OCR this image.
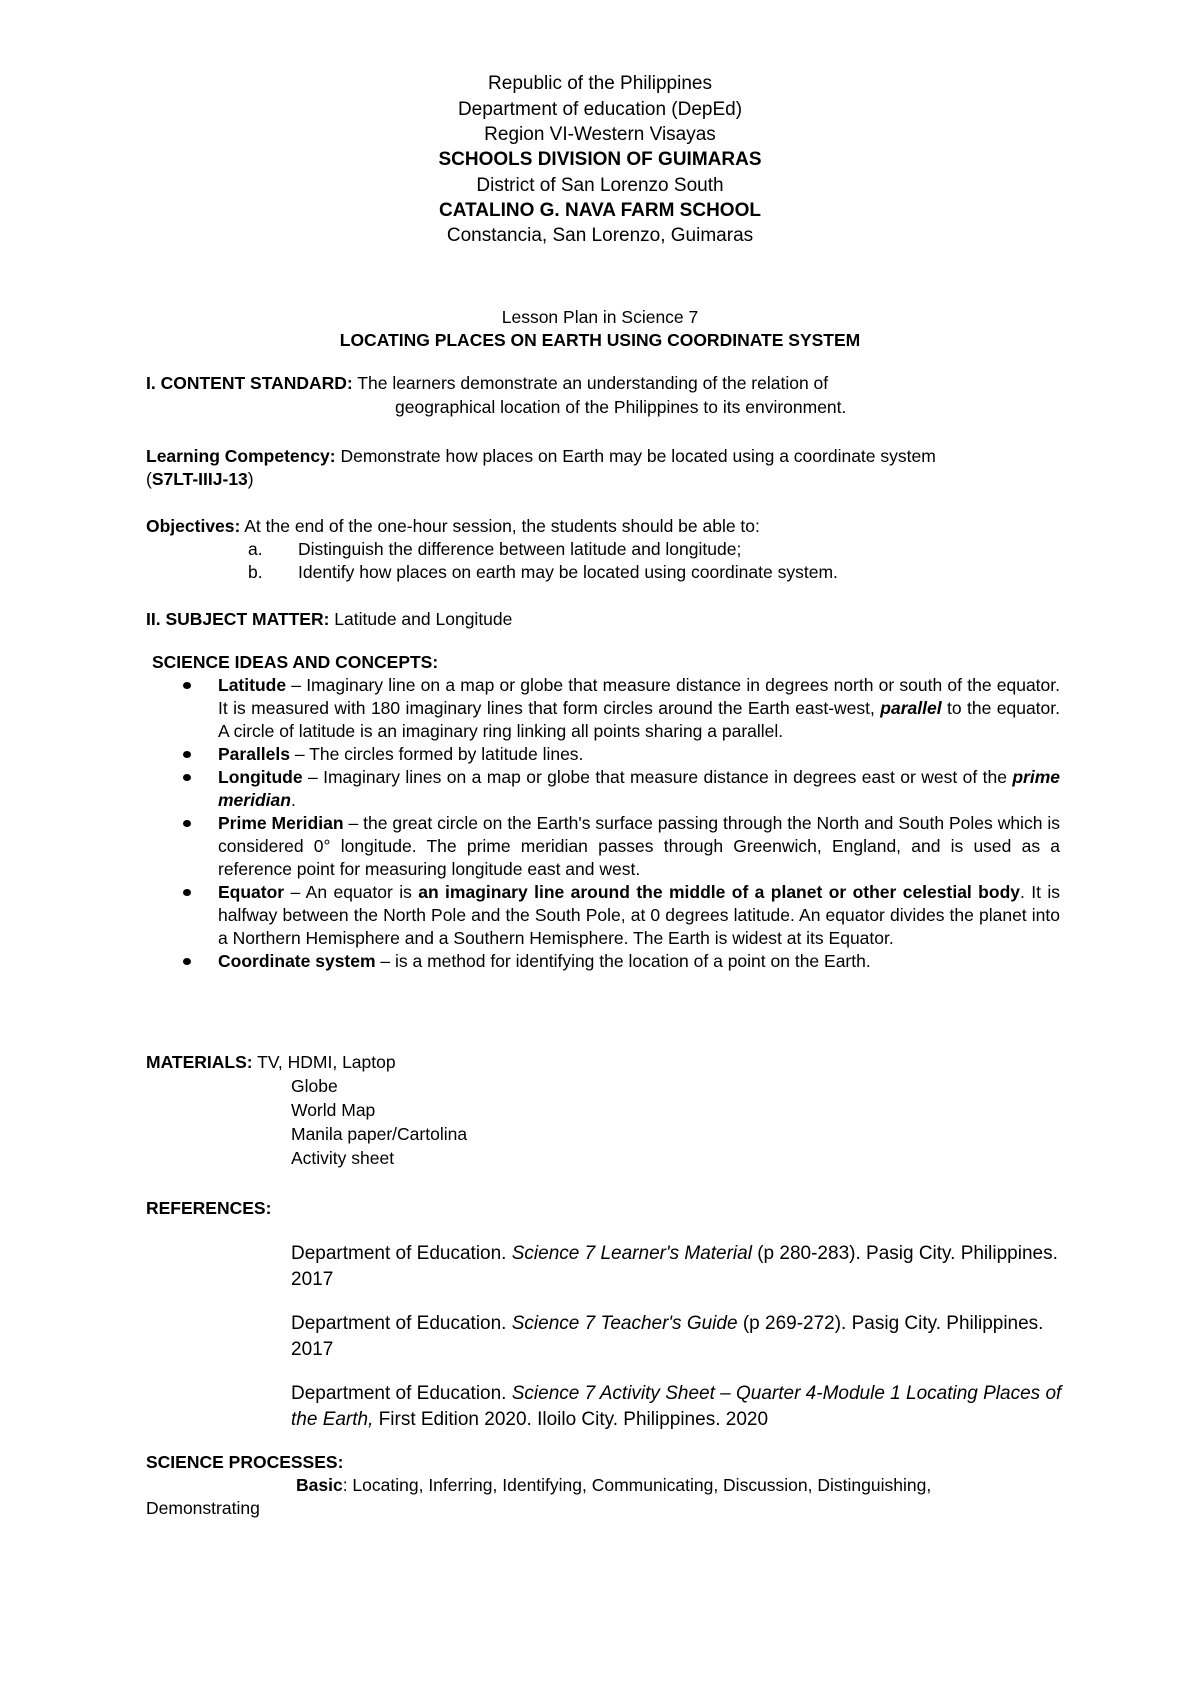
Republic of the Philippines
Department of education (DepEd)
Region VI-Western Visayas
SCHOOLS DIVISION OF GUIMARAS
District of San Lorenzo South
CATALINO G. NAVA FARM SCHOOL
Constancia, San Lorenzo, Guimaras
Lesson Plan in Science 7
LOCATING PLACES ON EARTH USING COORDINATE SYSTEM
I. CONTENT STANDARD: The learners demonstrate an understanding of the relation of
geographical location of the Philippines to its environment.
Learning Competency: Demonstrate how places on Earth may be located using a coordinate system
(S7LT-IIIJ-13)
Objectives: At the end of the one-hour session, the students should be able to:
a. Distinguish the difference between latitude and longitude;
b. Identify how places on earth may be located using coordinate system.
II. SUBJECT MATTER: Latitude and Longitude
SCIENCE IDEAS AND CONCEPTS:
Latitude – Imaginary line on a map or globe that measure distance in degrees north or south of the equator. It is measured with 180 imaginary lines that form circles around the Earth east-west, parallel to the equator. A circle of latitude is an imaginary ring linking all points sharing a parallel.
Parallels – The circles formed by latitude lines.
Longitude – Imaginary lines on a map or globe that measure distance in degrees east or west of the prime meridian.
Prime Meridian – the great circle on the Earth's surface passing through the North and South Poles which is considered 0° longitude. The prime meridian passes through Greenwich, England, and is used as a reference point for measuring longitude east and west.
Equator – An equator is an imaginary line around the middle of a planet or other celestial body. It is halfway between the North Pole and the South Pole, at 0 degrees latitude. An equator divides the planet into a Northern Hemisphere and a Southern Hemisphere. The Earth is widest at its Equator.
Coordinate system – is a method for identifying the location of a point on the Earth.
MATERIALS: TV, HDMI, Laptop
Globe
World Map
Manila paper/Cartolina
Activity sheet
REFERENCES:
Department of Education. Science 7 Learner's Material (p 280-283). Pasig City. Philippines. 2017
Department of Education. Science 7 Teacher's Guide (p 269-272). Pasig City. Philippines. 2017
Department of Education. Science 7 Activity Sheet – Quarter 4-Module 1 Locating Places of the Earth, First Edition 2020. Iloilo City. Philippines. 2020
SCIENCE PROCESSES:
Basic: Locating, Inferring, Identifying, Communicating, Discussion, Distinguishing,
Demonstrating
